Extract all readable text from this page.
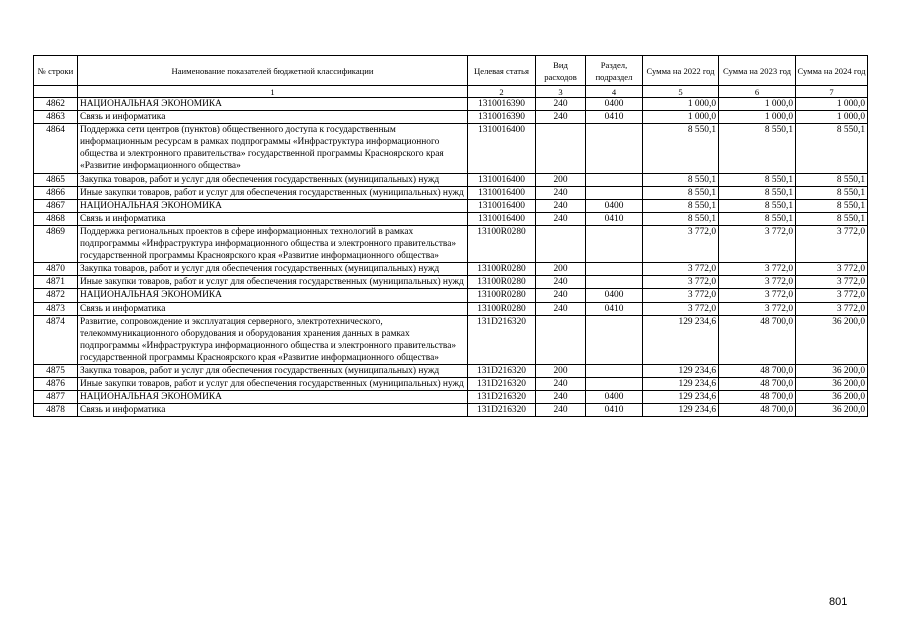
№ строки	Наименование показателей бюджетной классификации	Целевая статья	Вид расходов	Раздел, подраздел	Сумма на 2022 год	Сумма на 2023 год	Сумма на 2024 год
	1	2	3	4	5	6	7
4862	НАЦИОНАЛЬНАЯ ЭКОНОМИКА	1310016390	240	0400	1 000,0	1 000,0	1 000,0
4863	Связь и информатика	1310016390	240	0410	1 000,0	1 000,0	1 000,0
4864	Поддержка сети центров (пунктов) общественного доступа к государственным информационным ресурсам в рамках подпрограммы «Инфраструктура информационного общества и электронного правительства» государственной программы Красноярского края «Развитие информационного общества»	1310016400			8 550,1	8 550,1	8 550,1
4865	Закупка товаров, работ и услуг для обеспечения государственных (муниципальных) нужд	1310016400	200		8 550,1	8 550,1	8 550,1
4866	Иные закупки товаров, работ и услуг для обеспечения государственных (муниципальных) нужд	1310016400	240		8 550,1	8 550,1	8 550,1
4867	НАЦИОНАЛЬНАЯ ЭКОНОМИКА	1310016400	240	0400	8 550,1	8 550,1	8 550,1
4868	Связь и информатика	1310016400	240	0410	8 550,1	8 550,1	8 550,1
4869	Поддержка региональных проектов в сфере информационных технологий в рамках подпрограммы «Инфраструктура информационного общества и электронного правительства» государственной программы Красноярского края «Развитие информационного общества»	13100R0280			3 772,0	3 772,0	3 772,0
4870	Закупка товаров, работ и услуг для обеспечения государственных (муниципальных) нужд	13100R0280	200		3 772,0	3 772,0	3 772,0
4871	Иные закупки товаров, работ и услуг для обеспечения государственных (муниципальных) нужд	13100R0280	240		3 772,0	3 772,0	3 772,0
4872	НАЦИОНАЛЬНАЯ ЭКОНОМИКА	13100R0280	240	0400	3 772,0	3 772,0	3 772,0
4873	Связь и информатика	13100R0280	240	0410	3 772,0	3 772,0	3 772,0
4874	Развитие, сопровождение и эксплуатация серверного, электротехнического, телекоммуникационного оборудования и оборудования хранения данных в рамках подпрограммы «Инфраструктура информационного общества и электронного правительства» государственной программы Красноярского края «Развитие информационного общества»	131D216320			129 234,6	48 700,0	36 200,0
4875	Закупка товаров, работ и услуг для обеспечения государственных (муниципальных) нужд	131D216320	200		129 234,6	48 700,0	36 200,0
4876	Иные закупки товаров, работ и услуг для обеспечения государственных (муниципальных) нужд	131D216320	240		129 234,6	48 700,0	36 200,0
4877	НАЦИОНАЛЬНАЯ ЭКОНОМИКА	131D216320	240	0400	129 234,6	48 700,0	36 200,0
4878	Связь и информатика	131D216320	240	0410	129 234,6	48 700,0	36 200,0
801
